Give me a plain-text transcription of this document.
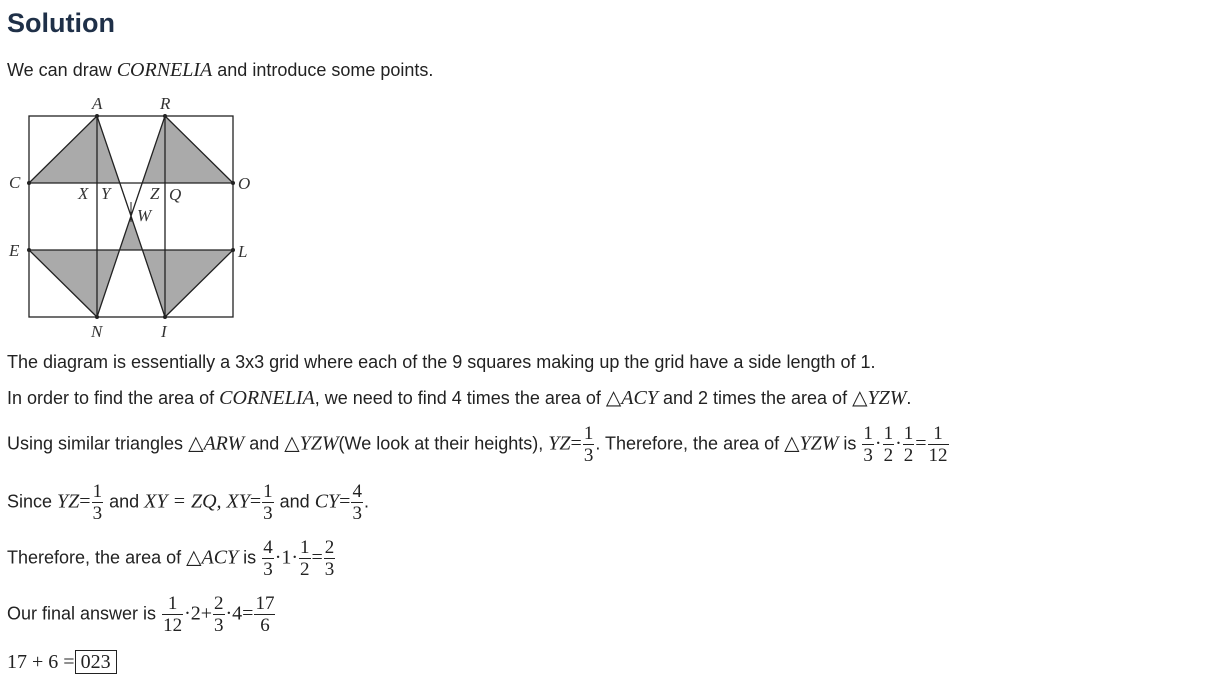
Solution
We can draw CORNELIA and introduce some points.
A	R
C	O
E	L
N	I
X Y Z Q
W
The diagram is essentially a 3x3 grid where each of the 9 squares making up the grid have a side length of 1.
In order to find the area of CORNELIA, we need to find 4 times the area of △ACY and 2 times the area of △YZW.
Using similar triangles △ARW and △YZW(We look at their heights), $YZ= \frac{1}{3}$ . Therefore, the area of △YZW is $\frac{1}{3} \cdot \frac{1}{2} \cdot \frac{1}{2} = \frac{1}{12}$
Since $YZ= \frac{1}{3}$ and XY = ZQ, $XY= \frac{1}{3}$ and $CY= \frac{4}{3}$ .
Therefore, the area of △ACY is $\frac{4}{3} \cdot 1\cdot \frac{1}{2} = \frac{2}{3}$
Our final answer is $\frac{1}{12} \cdot 2+ \frac{2}{3} \cdot 4= \frac{17}{6}$
17 + 6 = 023
